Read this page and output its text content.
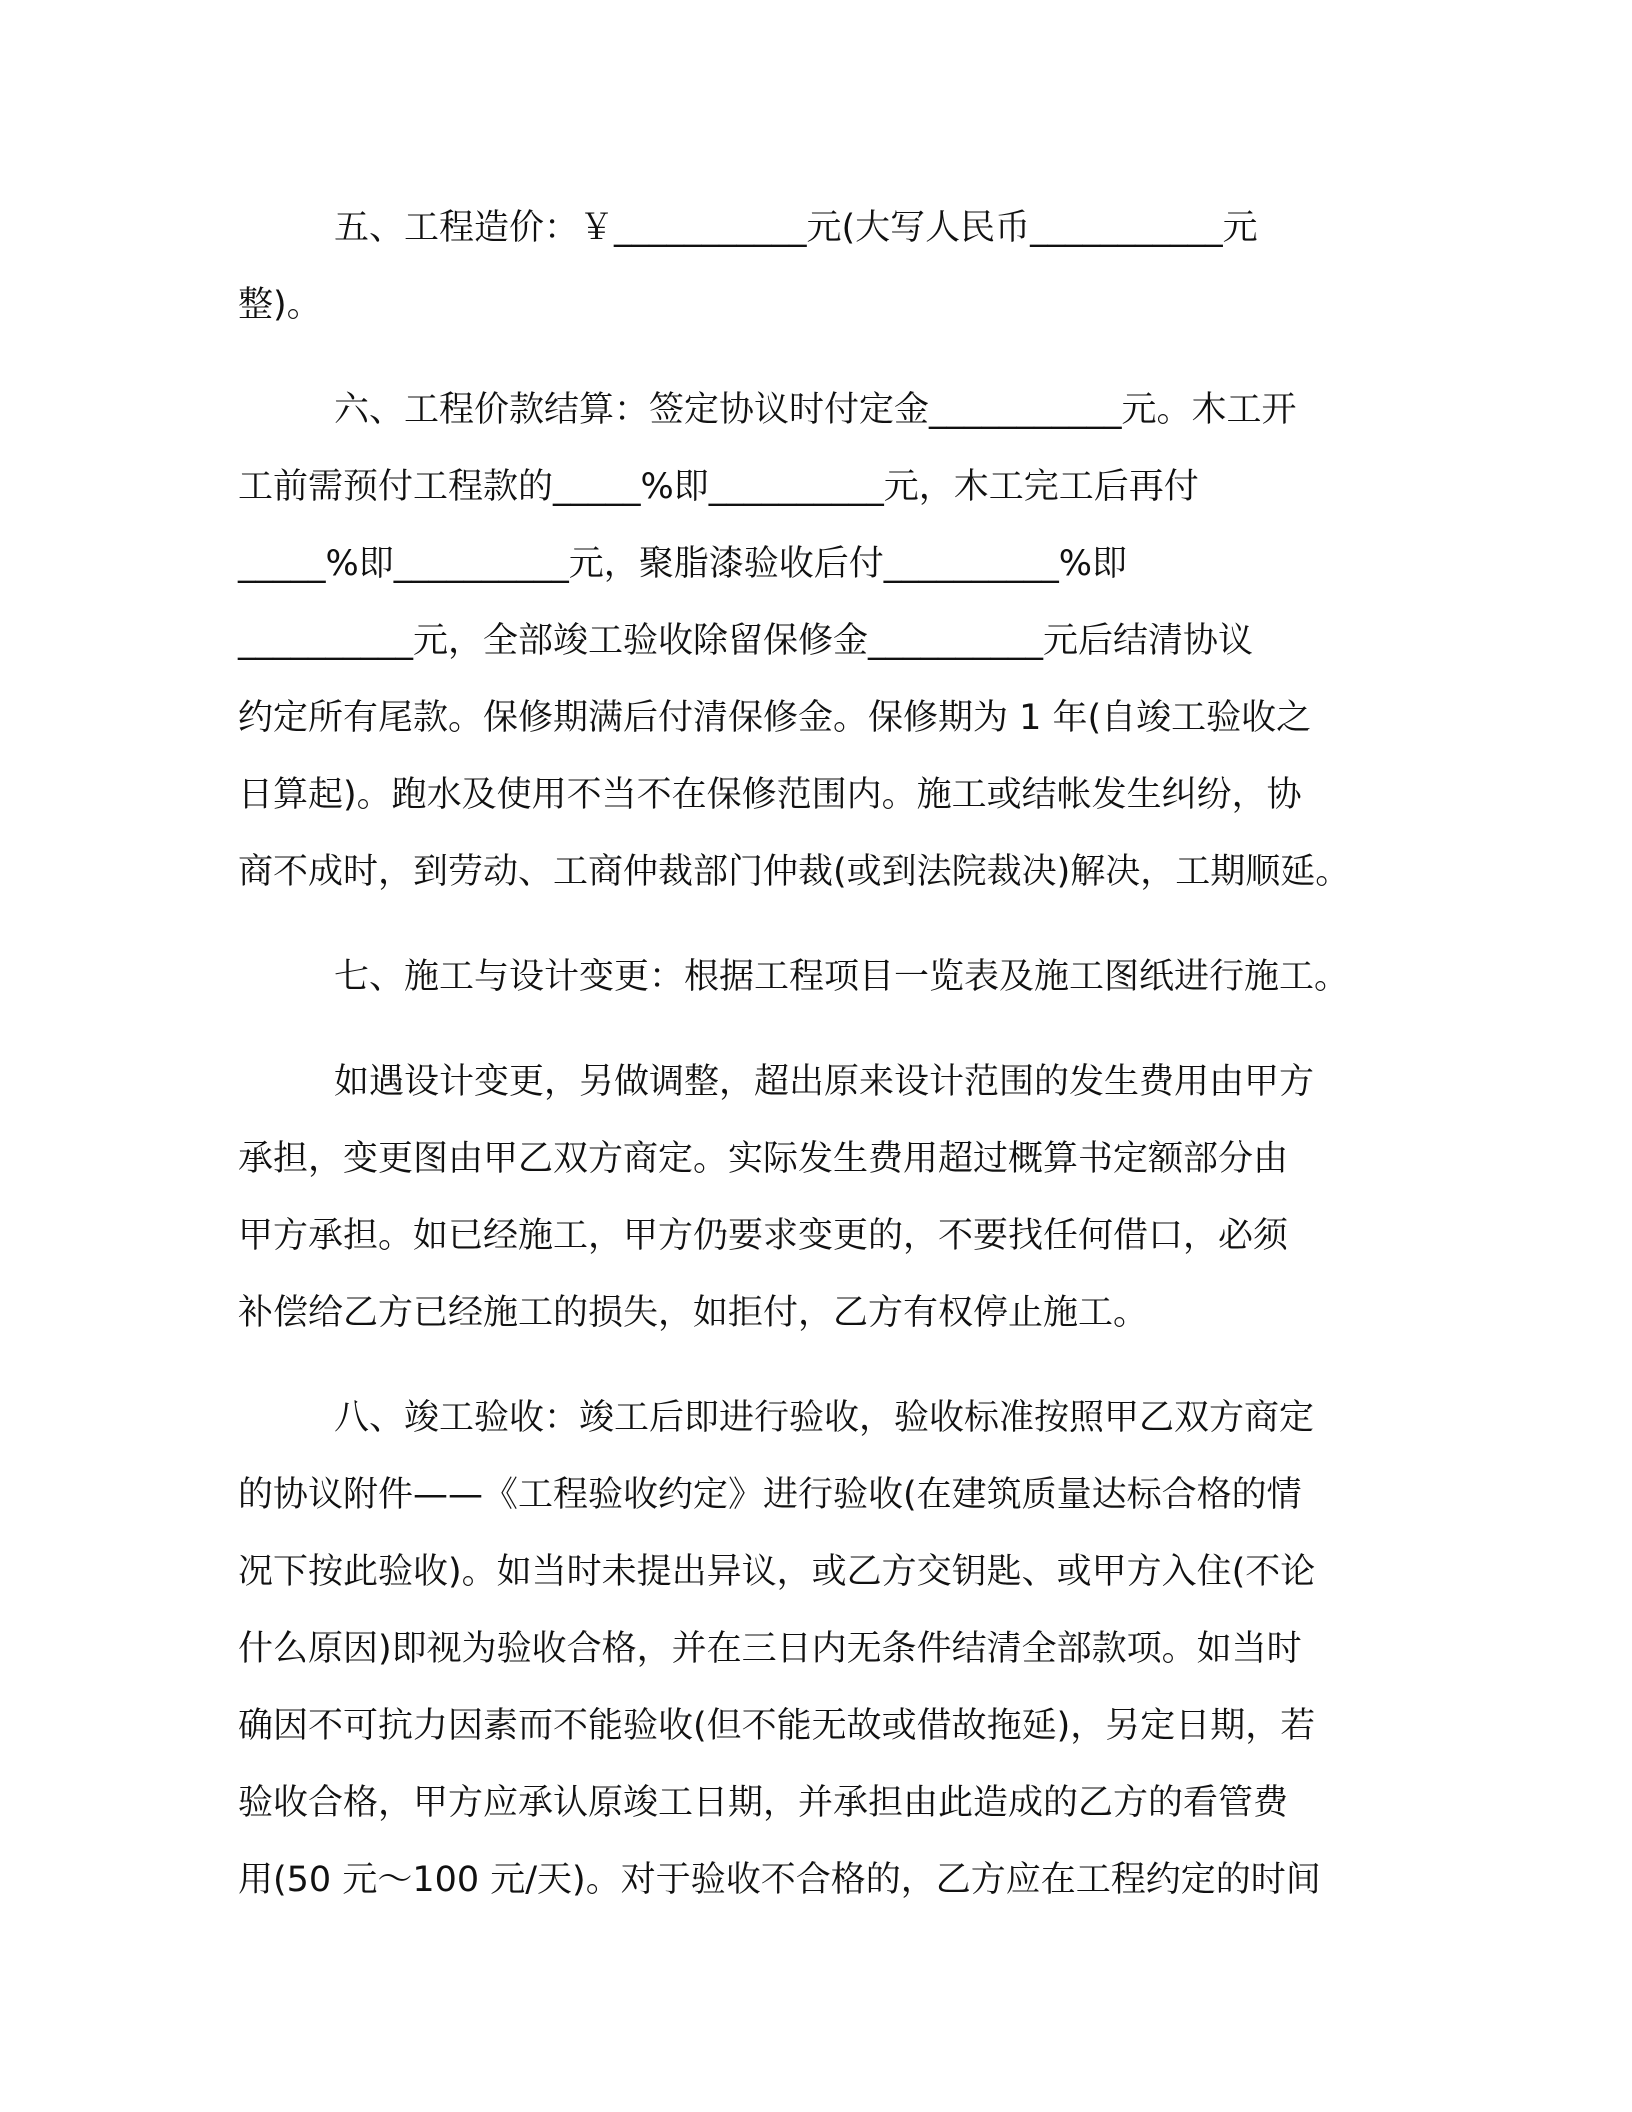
五、工程造价：￥___________元(大写人民币___________元
整)。

六、工程价款结算：签定协议时付定金___________元。木工开
工前需预付工程款的_____%即__________元，木工完工后再付
_____%即__________元，聚脂漆验收后付__________%即
__________元，全部竣工验收除留保修金__________元后结清协议
约定所有尾款。保修期满后付清保修金。保修期为 1 年(自竣工验收之
日算起)。跑水及使用不当不在保修范围内。施工或结帐发生纠纷，协
商不成时，到劳动、工商仲裁部门仲裁(或到法院裁决)解决，工期顺延。

七、施工与设计变更：根据工程项目一览表及施工图纸进行施工。

如遇设计变更，另做调整，超出原来设计范围的发生费用由甲方
承担，变更图由甲乙双方商定。实际发生费用超过概算书定额部分由
甲方承担。如已经施工，甲方仍要求变更的，不要找任何借口，必须
补偿给乙方已经施工的损失，如拒付，乙方有权停止施工。

八、竣工验收：竣工后即进行验收，验收标准按照甲乙双方商定
的协议附件——《工程验收约定》进行验收(在建筑质量达标合格的情
况下按此验收)。如当时未提出异议，或乙方交钥匙、或甲方入住(不论
什么原因)即视为验收合格，并在三日内无条件结清全部款项。如当时
确因不可抗力因素而不能验收(但不能无故或借故拖延)，另定日期，若
验收合格，甲方应承认原竣工日期，并承担由此造成的乙方的看管费
用(50 元～100 元/天)。对于验收不合格的，乙方应在工程约定的时间
